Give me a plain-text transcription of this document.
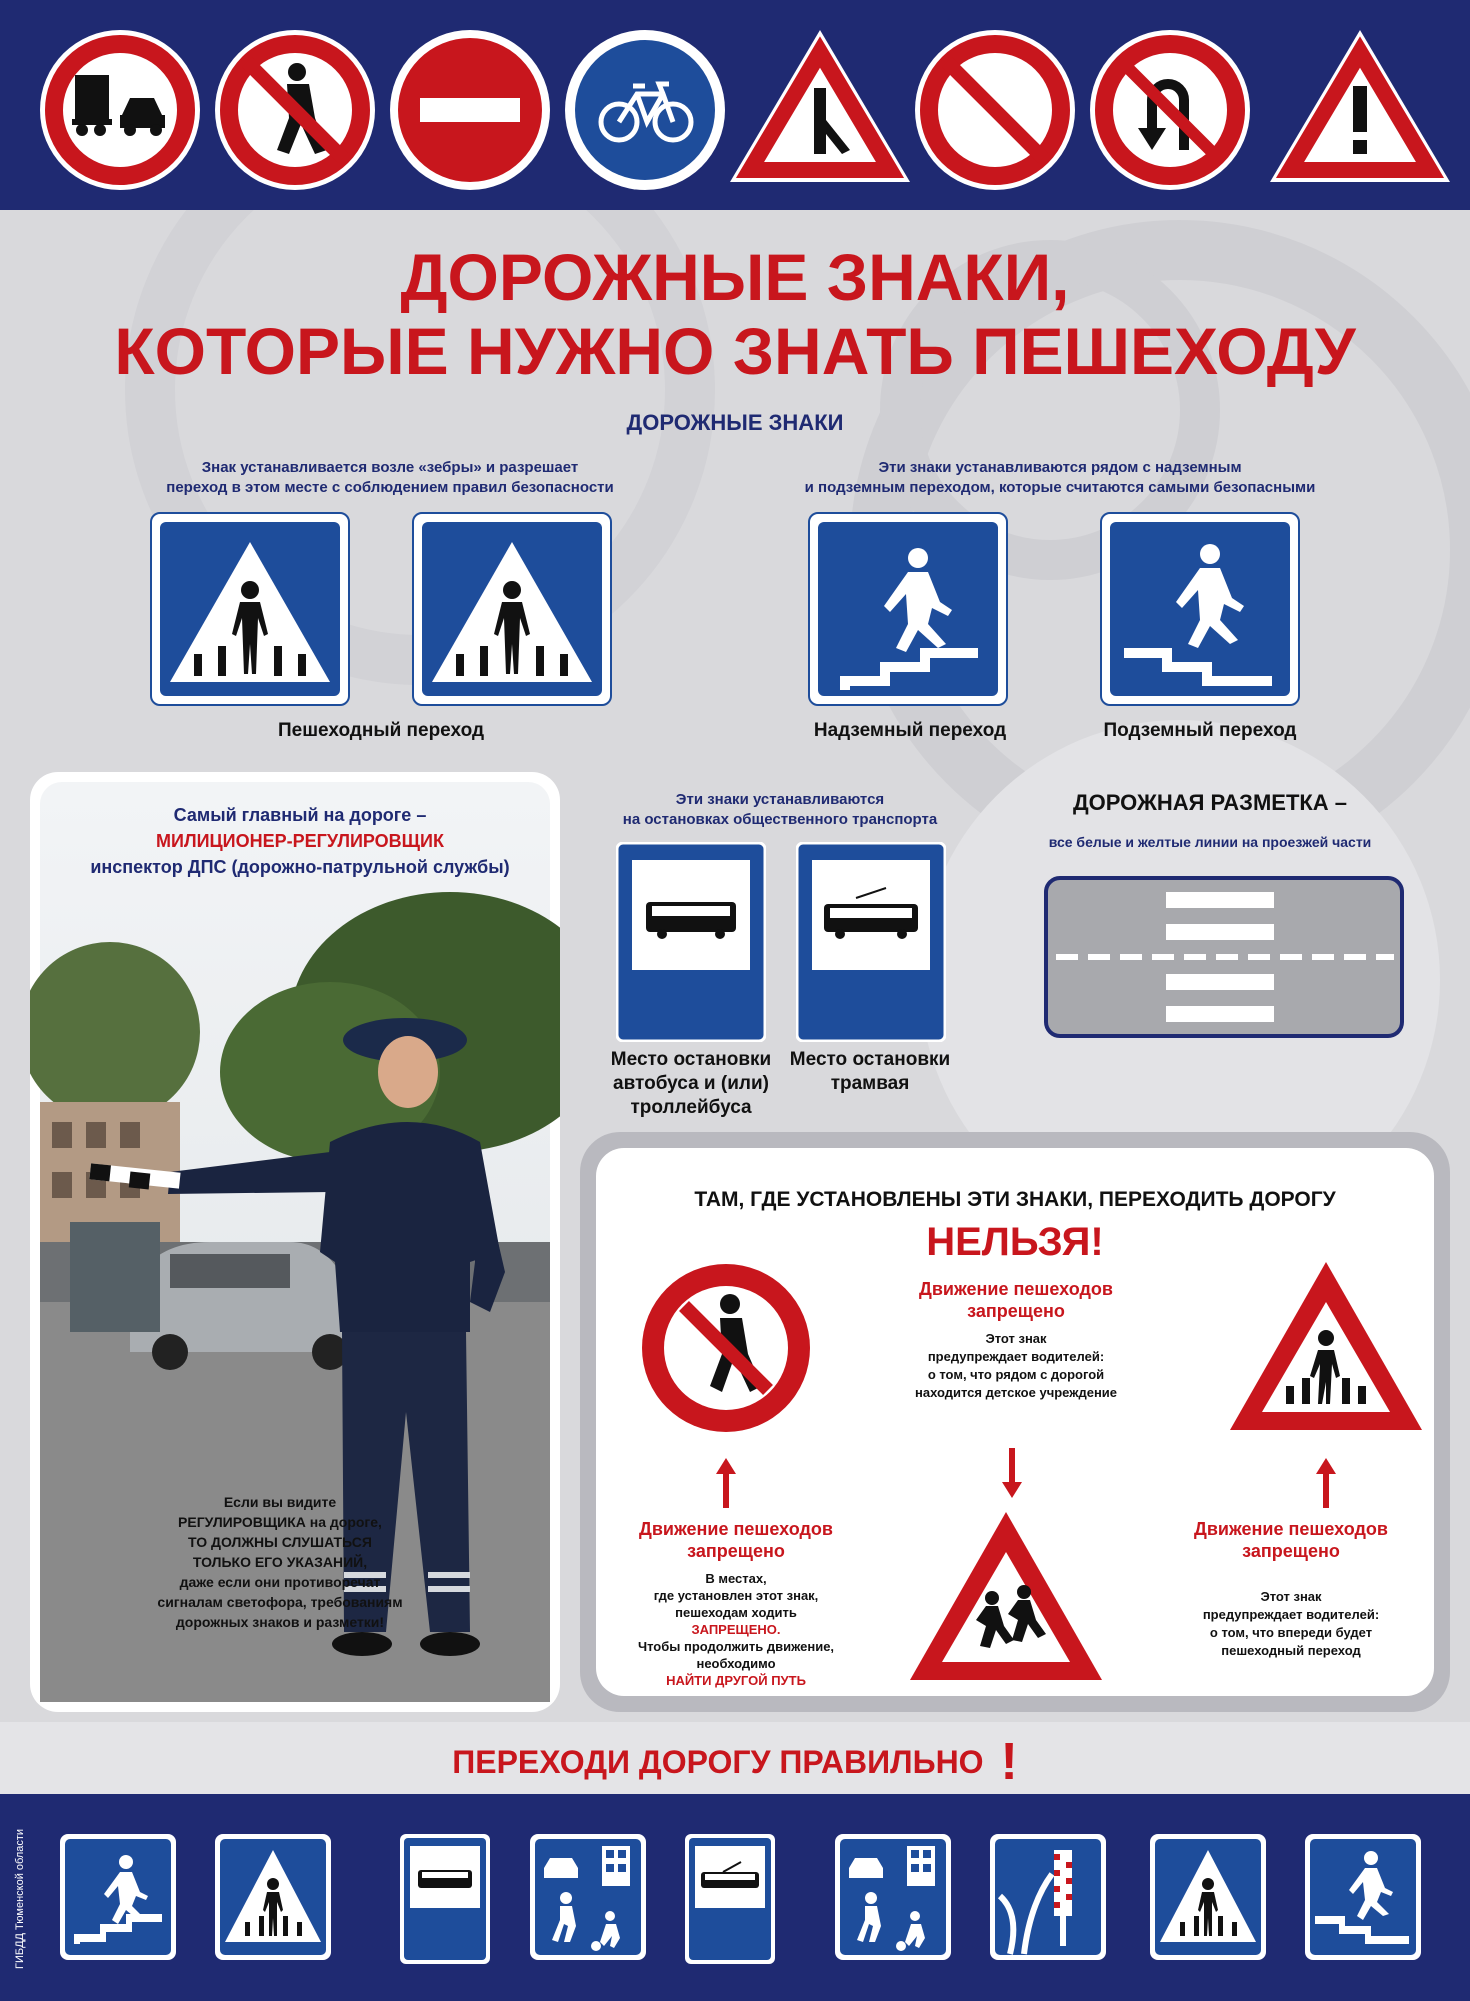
ДОРОЖНЫЕ ЗНАКИ,
КОТОРЫЕ НУЖНО ЗНАТЬ ПЕШЕХОДУ
ДОРОЖНЫЕ ЗНАКИ
Знак устанавливается возле «зебры» и разрешает
переход в этом месте с соблюдением правил безопасности
Эти знаки устанавливаются рядом с надземным
и подземным переходом, которые считаются самыми безопасными
Пешеходный переход	Надземный переход	Подземный переход
Самый главный на дороге –
МИЛИЦИОНЕР-РЕГУЛИРОВЩИК
инспектор ДПС (дорожно-патрульной службы)
Если вы видите
РЕГУЛИРОВЩИКА на дороге,
ТО ДОЛЖНЫ СЛУШАТЬСЯ
ТОЛЬКО ЕГО УКАЗАНИЙ,
даже если они противоречат
сигналам светофора, требованиям
дорожных знаков и разметки!
Эти знаки устанавливаются
на остановках общественного транспорта
Место остановки
автобуса и (или)
троллейбуса
Место остановки
трамвая
ДОРОЖНАЯ РАЗМЕТКА –
все белые и желтые линии на проезжей части
ТАМ, ГДЕ УСТАНОВЛЕНЫ ЭТИ ЗНАКИ, ПЕРЕХОДИТЬ ДОРОГУ
НЕЛЬЗЯ!
Движение пешеходов
запрещено
Этот знак
предупреждает водителей:
о том, что рядом с дорогой
находится детское учреждение
Движение пешеходов
запрещено
В местах,
где установлен этот знак,
пешеходам ходить
ЗАПРЕЩЕНО.
Чтобы продолжить движение,
необходимо
НАЙТИ ДРУГОЙ ПУТЬ
Движение пешеходов
запрещено
Этот знак
предупреждает водителей:
о том, что впереди будет
пешеходный переход
ПЕРЕХОДИ ДОРОГУ ПРАВИЛЬНО !
ГИБДД Тюменской области
